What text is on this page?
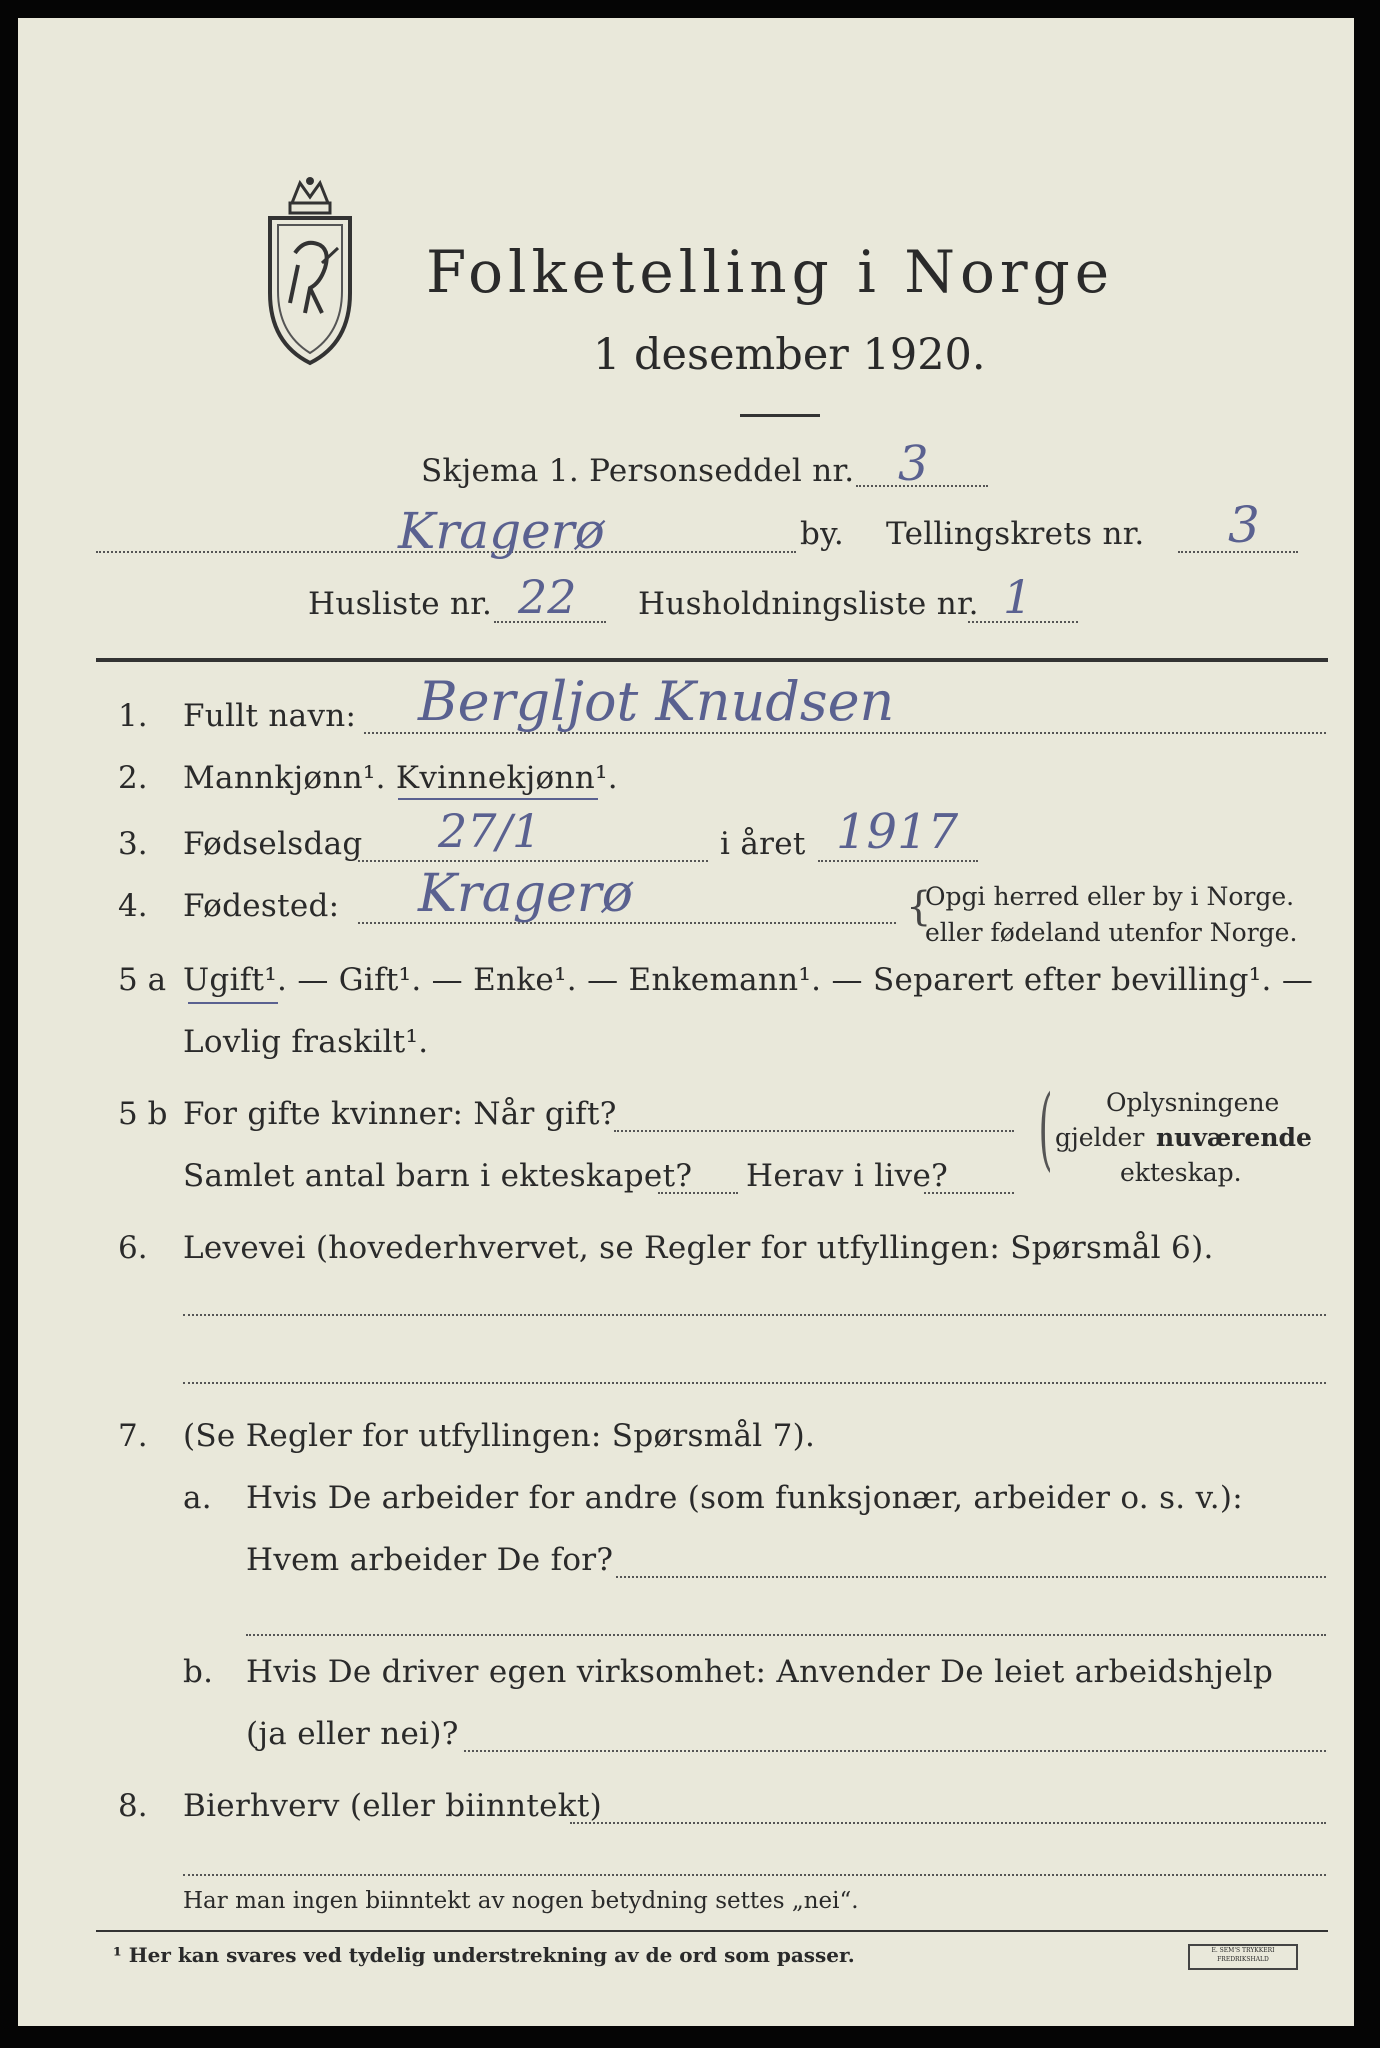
Folketelling i Norge
1 desember 1920.
Skjema 1. Personseddel nr. 3
Kragerø	by. Tellingskrets nr. 3
Husliste nr. 22 Husholdningsliste nr. 1
1. Fullt navn: Bergljot Knudsen
2. Mannkjønn¹. Kvinnekjønn¹.
3. Fødselsdag 27/1	i året 1917
4. Fødested: Kragerø	{
Opgi herred eller by i Norge.
eller fødeland utenfor Norge.
5 a Ugift¹. — Gift¹. — Enke¹. — Enkemann¹. — Separert efter bevilling¹. —
Lovlig fraskilt¹.
5 b For gifte kvinner: Når gift?
Samlet antal barn i ekteskapet? Herav i live? ( Oplysningene
gjelder nuværende
ekteskap.
6. Levevei (hovederhvervet, se Regler for utfyllingen: Spørsmål 6).
7. (Se Regler for utfyllingen: Spørsmål 7).
a. Hvis De arbeider for andre (som funksjonær, arbeider o. s. v.):
Hvem arbeider De for?
b. Hvis De driver egen virksomhet: Anvender De leiet arbeidshjelp
(ja eller nei)?
8. Bierhverv (eller biinntekt)
Har man ingen biinntekt av nogen betydning settes „nei“.
¹ Her kan svares ved tydelig understrekning av de ord som passer.	E. SEM'S TRYKKERI FREDRIKSHALD
